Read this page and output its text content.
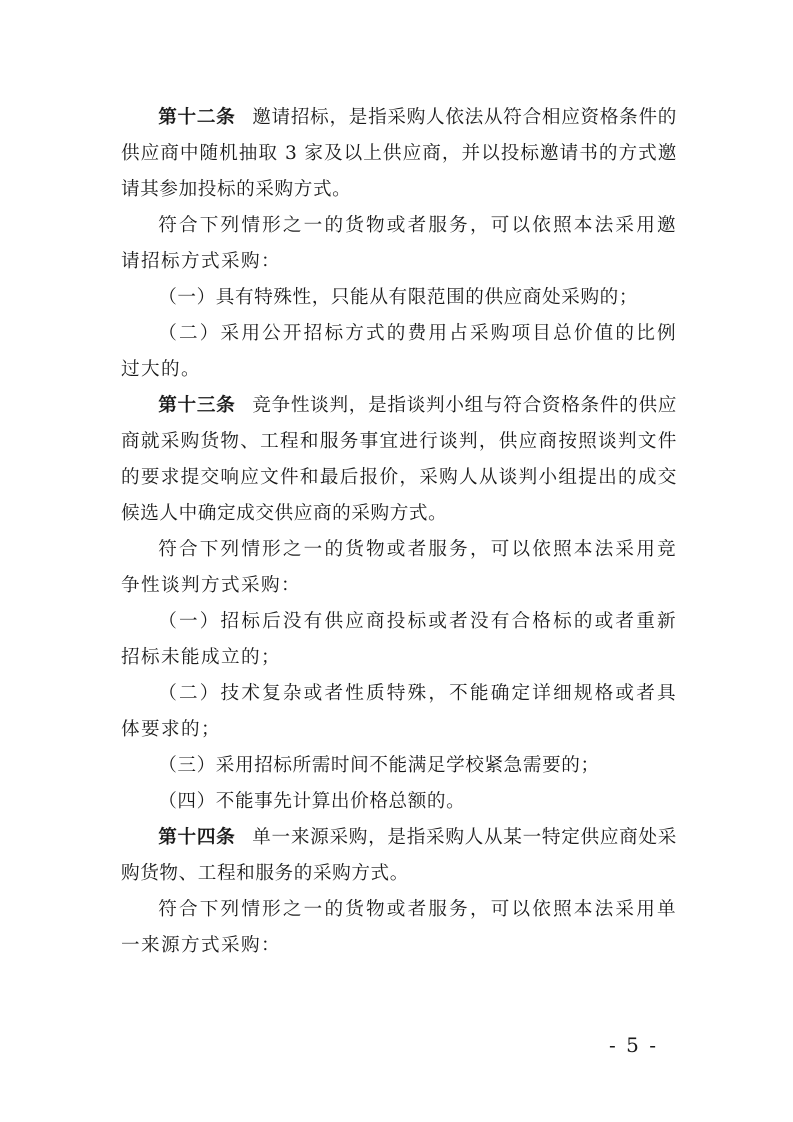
第十二条 邀请招标，是指采购人依法从符合相应资格条件的供应商中随机抽取 3 家及以上供应商，并以投标邀请书的方式邀请其参加投标的采购方式。

符合下列情形之一的货物或者服务，可以依照本法采用邀请招标方式采购：

（一）具有特殊性，只能从有限范围的供应商处采购的；

（二）采用公开招标方式的费用占采购项目总价值的比例过大的。

第十三条 竞争性谈判，是指谈判小组与符合资格条件的供应商就采购货物、工程和服务事宜进行谈判，供应商按照谈判文件的要求提交响应文件和最后报价，采购人从谈判小组提出的成交候选人中确定成交供应商的采购方式。

符合下列情形之一的货物或者服务，可以依照本法采用竞争性谈判方式采购：

（一）招标后没有供应商投标或者没有合格标的或者重新招标未能成立的；

（二）技术复杂或者性质特殊，不能确定详细规格或者具体要求的；

（三）采用招标所需时间不能满足学校紧急需要的；

（四）不能事先计算出价格总额的。

第十四条 单一来源采购，是指采购人从某一特定供应商处采购货物、工程和服务的采购方式。

符合下列情形之一的货物或者服务，可以依照本法采用单一来源方式采购：

- 5 -
